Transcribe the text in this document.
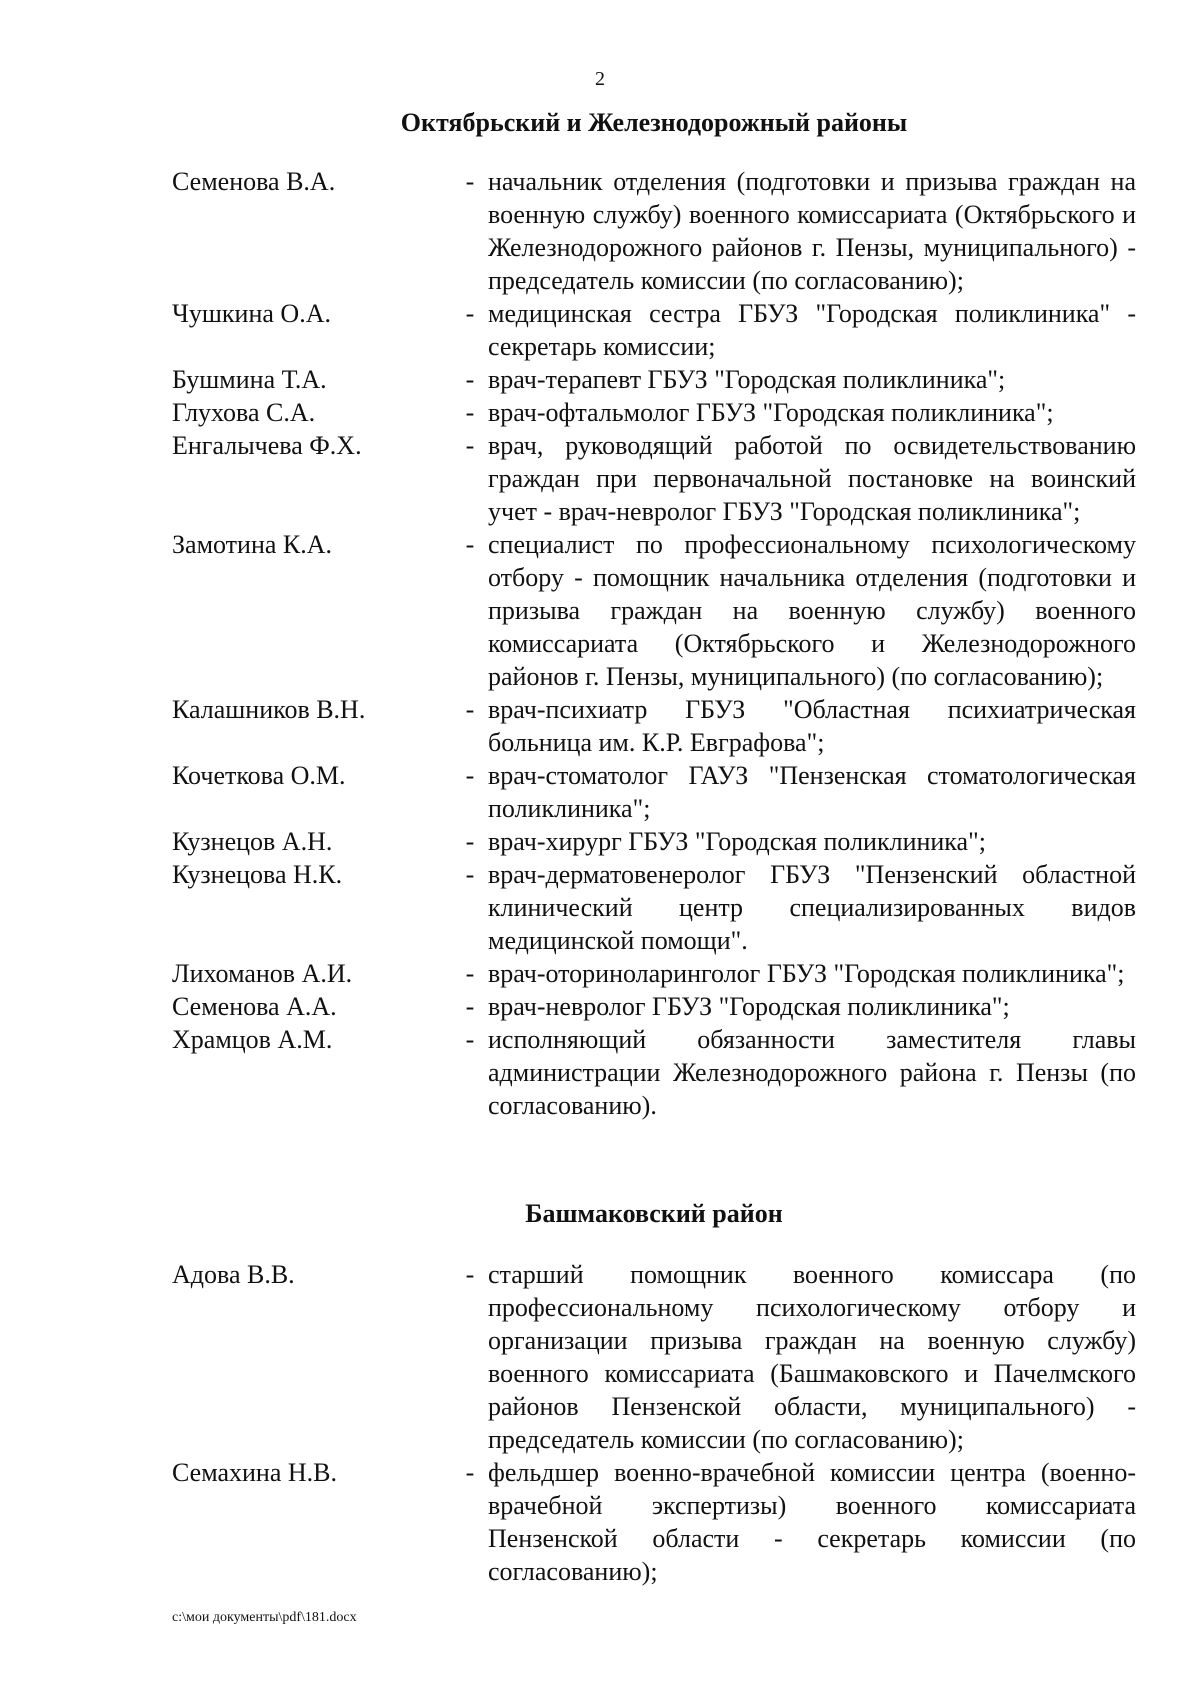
2
Октябрьский и Железнодорожный районы
Семенова В.А.	- начальник отделения (подготовки и призыва граждан на военную службу) военного комиссариата (Октябрьского и Железнодорожного районов г. Пензы, муниципального) - председатель комиссии (по согласованию);
Чушкина О.А.	- медицинская сестра ГБУЗ "Городская поликлиника" - секретарь комиссии;
Бушмина Т.А.	- врач-терапевт ГБУЗ "Городская поликлиника";
Глухова С.А.	- врач-офтальмолог ГБУЗ "Городская поликлиника";
Енгалычева Ф.Х.	- врач, руководящий работой по освидетельствованию граждан при первоначальной постановке на воинский учет - врач-невролог ГБУЗ "Городская поликлиника";
Замотина К.А.	- специалист по профессиональному психологическому отбору - помощник начальника отделения (подготовки и призыва граждан на военную службу) военного комиссариата (Октябрьского и Железнодорожного районов г. Пензы, муниципального) (по согласованию);
Калашников В.Н.	- врач-психиатр ГБУЗ "Областная психиатрическая больница им. К.Р. Евграфова";
Кочеткова О.М.	- врач-стоматолог ГАУЗ "Пензенская стоматологическая поликлиника";
Кузнецов А.Н.	- врач-хирург ГБУЗ "Городская поликлиника";
Кузнецова Н.К.	- врач-дерматовенеролог ГБУЗ "Пензенский областной клинический центр специализированных видов медицинской помощи".
Лихоманов А.И.	- врач-оториноларинголог ГБУЗ "Городская поликлиника";
Семенова А.А.	- врач-невролог ГБУЗ "Городская поликлиника";
Храмцов А.М.	- исполняющий обязанности заместителя главы администрации Железнодорожного района г. Пензы (по согласованию).
Башмаковский район
Адова В.В.	- старший помощник военного комиссара (по профессиональному психологическому отбору и организации призыва граждан на военную службу) военного комиссариата (Башмаковского и Пачелмского районов Пензенской области, муниципального) - председатель комиссии (по согласованию);
Семахина Н.В.	- фельдшер военно-врачебной комиссии центра (военно-врачебной экспертизы) военного комиссариата Пензенской области - секретарь комиссии (по согласованию);
c:\мои документы\pdf\181.docx
